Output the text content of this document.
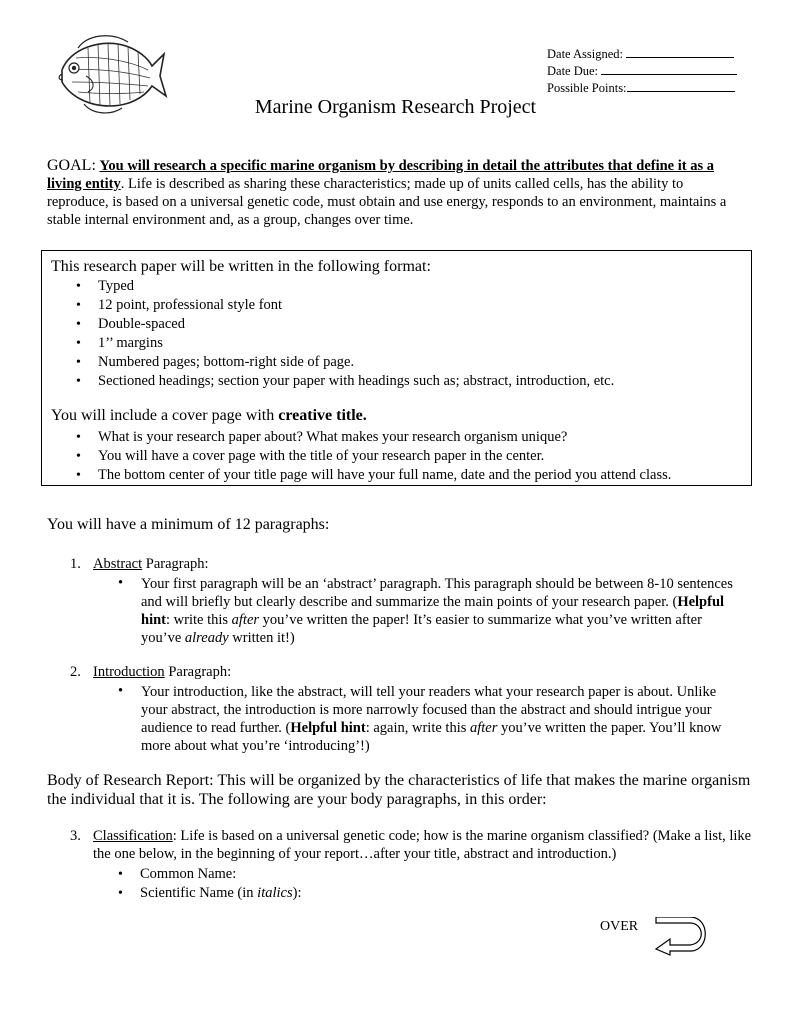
Date Assigned:
Date Due:
Possible Points:
Marine Organism Research Project
GOAL: You will research a specific marine organism by describing in detail the attributes that define it as a living entity. Life is described as sharing these characteristics; made up of units called cells, has the ability to reproduce, is based on a universal genetic code, must obtain and use energy, responds to an environment, maintains a stable internal environment and, as a group, changes over time.
This research paper will be written in the following format:
• Typed
• 12 point, professional style font
• Double-spaced
• 1’’ margins
• Numbered pages; bottom-right side of page.
• Sectioned headings; section your paper with headings such as; abstract, introduction, etc.
You will include a cover page with creative title.
• What is your research paper about? What makes your research organism unique?
• You will have a cover page with the title of your research paper in the center.
• The bottom center of your title page will have your full name, date and the period you attend class.
You will have a minimum of 12 paragraphs:
1. Abstract Paragraph:
• Your first paragraph will be an ‘abstract’ paragraph. This paragraph should be between 8-10 sentences and will briefly but clearly describe and summarize the main points of your research paper. (Helpful hint: write this after you’ve written the paper! It’s easier to summarize what you’ve written after you’ve already written it!)
2. Introduction Paragraph:
• Your introduction, like the abstract, will tell your readers what your research paper is about. Unlike your abstract, the introduction is more narrowly focused than the abstract and should intrigue your audience to read further. (Helpful hint: again, write this after you’ve written the paper. You’ll know more about what you’re ‘introducing’!)
Body of Research Report: This will be organized by the characteristics of life that makes the marine organism the individual that it is. The following are your body paragraphs, in this order:
3. Classification: Life is based on a universal genetic code; how is the marine organism classified? (Make a list, like the one below, in the beginning of your report…after your title, abstract and introduction.)
• Common Name:
• Scientific Name (in italics):
OVER
